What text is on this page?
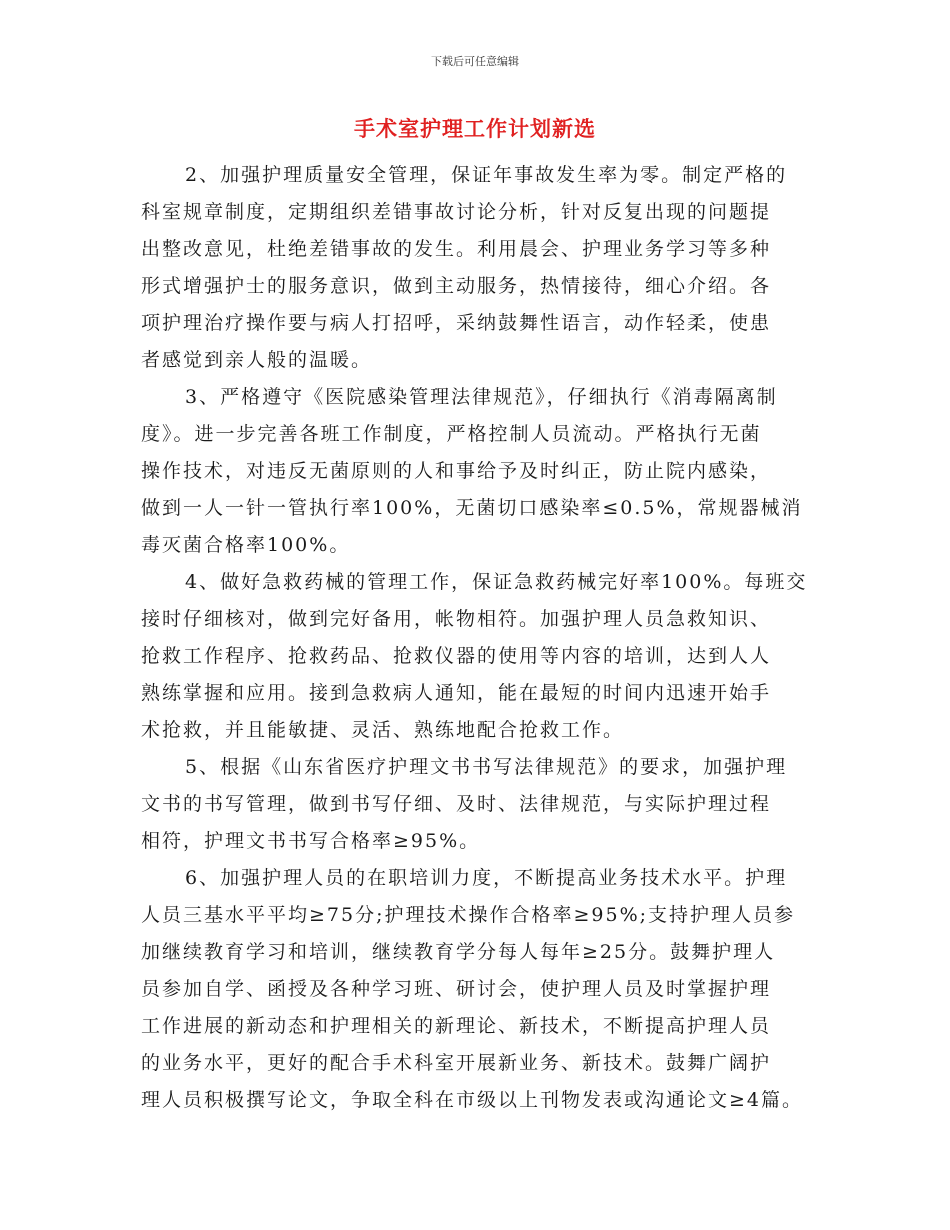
下载后可任意编辑
手术室护理工作计划新选
2、加强护理质量安全管理，保证年事故发生率为零。制定严格的
科室规章制度，定期组织差错事故讨论分析，针对反复出现的问题提
出整改意见，杜绝差错事故的发生。利用晨会、护理业务学习等多种
形式增强护士的服务意识，做到主动服务，热情接待，细心介绍。各
项护理治疗操作要与病人打招呼，采纳鼓舞性语言，动作轻柔，使患
者感觉到亲人般的温暖。
3、严格遵守《医院感染管理法律规范》，仔细执行《消毒隔离制
度》。进一步完善各班工作制度，严格控制人员流动。严格执行无菌
操作技术，对违反无菌原则的人和事给予及时纠正，防止院内感染，
做到一人一针一管执行率100%，无菌切口感染率≤0.5%，常规器械消
毒灭菌合格率100%。
4、做好急救药械的管理工作，保证急救药械完好率100%。每班交
接时仔细核对，做到完好备用，帐物相符。加强护理人员急救知识、
抢救工作程序、抢救药品、抢救仪器的使用等内容的培训，达到人人
熟练掌握和应用。接到急救病人通知，能在最短的时间内迅速开始手
术抢救，并且能敏捷、灵活、熟练地配合抢救工作。
5、根据《山东省医疗护理文书书写法律规范》的要求，加强护理
文书的书写管理，做到书写仔细、及时、法律规范，与实际护理过程
相符，护理文书书写合格率≥95%。
6、加强护理人员的在职培训力度，不断提高业务技术水平。护理
人员三基水平平均≥75分;护理技术操作合格率≥95%;支持护理人员参
加继续教育学习和培训，继续教育学分每人每年≥25分。鼓舞护理人
员参加自学、函授及各种学习班、研讨会，使护理人员及时掌握护理
工作进展的新动态和护理相关的新理论、新技术，不断提高护理人员
的业务水平，更好的配合手术科室开展新业务、新技术。鼓舞广阔护
理人员积极撰写论文，争取全科在市级以上刊物发表或沟通论文≥4篇。
